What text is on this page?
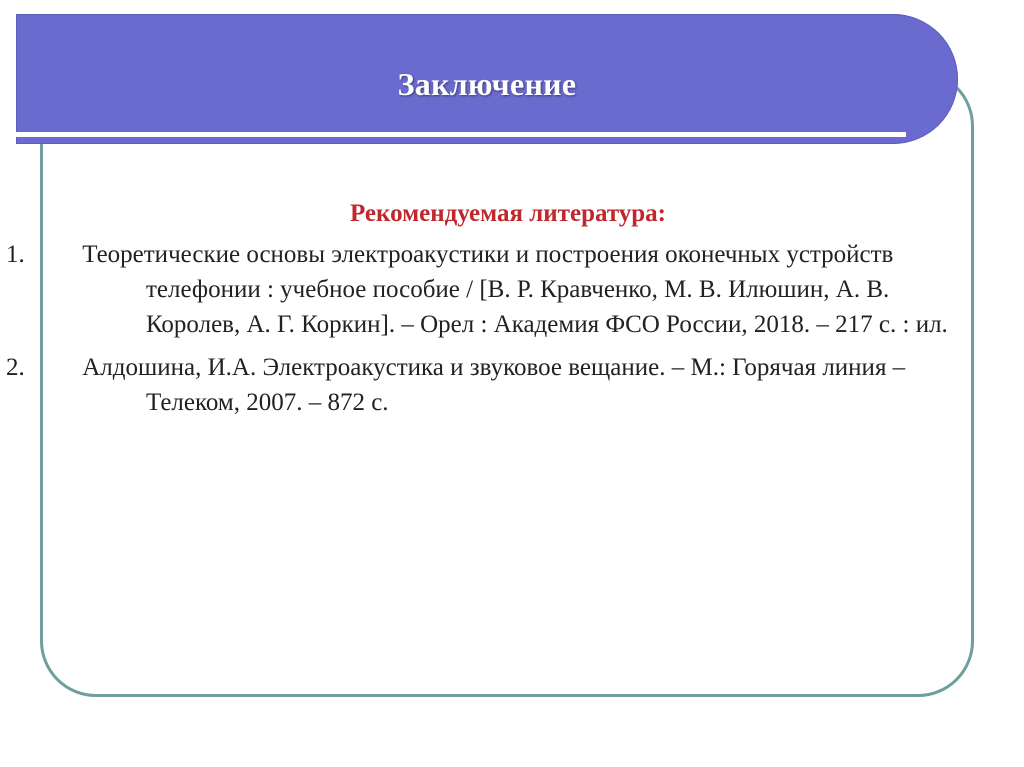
Заключение
Рекомендуемая литература:
1. Теоретические основы электроакустики и построения оконечных устройств телефонии : учебное пособие / [В. Р. Кравченко, М. В. Илюшин, А. В. Королев, А. Г. Коркин]. – Орел : Академия ФСО России, 2018. – 217 с. : ил.
2. Алдошина, И.А. Электроакустика и звуковое вещание. – М.: Горячая линия – Телеком, 2007. – 872 с.
